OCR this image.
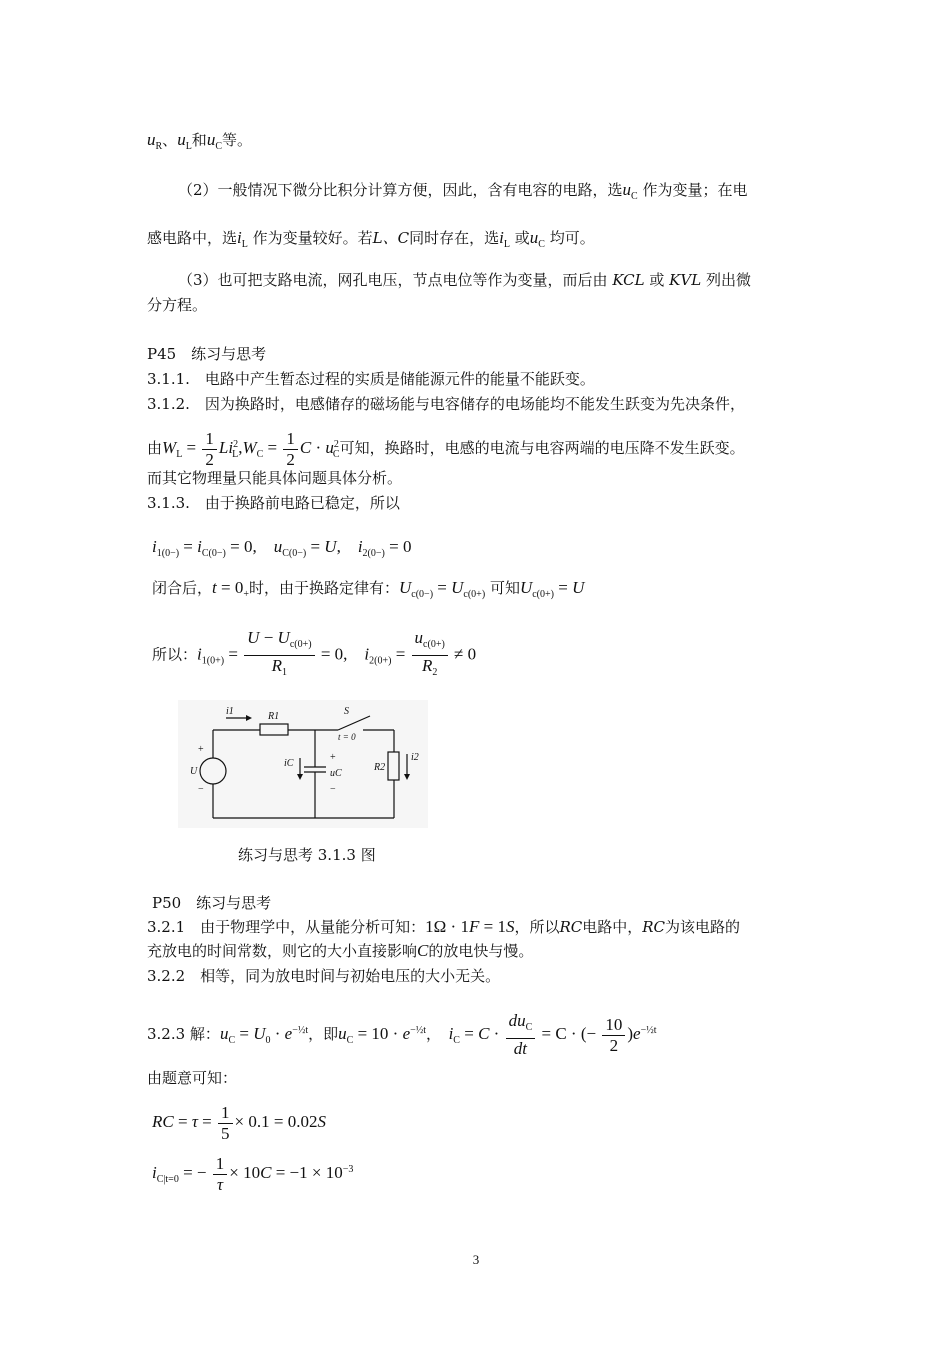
$u_R$、$u_L$和$u_C$等。
（2）一般情况下微分比积分计算方便，因此，含有电容的电路，选$u_C$ 作为变量；在电
感电路中，选$i_L$ 作为变量较好。若L、C同时存在，选$i_L$ 或$u_C$ 均可。
（3）也可把支路电流，网孔电压，节点电位等作为变量，而后由 KCL 或 KVL 列出微
分方程。
P45　练习与思考
3.1.1.　电路中产生暂态过程的实质是储能源元件的能量不能跃变。
3.1.2.　因为换路时，电感储存的磁场能与电容储存的电场能均不能发生跃变为先决条件，
由$W_L = \frac{1}{2} Li^2_L,W_C = \frac{1}{2}$ $C \cdot u^2_C$可知，换路时，电感的电流与电容两端的电压降不发生跃变。
而其它物理量只能具体问题具体分析。
3.1.3.　由于换路前电路已稳定，所以
$i_{1(0-)} = i_{C(0-)} = 0$,　$u_{C(0-)} = U$,　$i_{2(0-)} = 0$
闭合后，$t = 0_+$时，由于换路定律有：$U_{c(0-)} = U_{c(0+)}$ 可知$U_{c(0+)} = U$
所以：$i_{1(0+)} = \frac{U - U_{c(0+)}}{R_1} = 0$,　$i_{2(0+)} = \frac{u_{c(0+)}}{R_2} \ne 0$
i1	R1	S
t = 0
+
U
−
iC
+
uC
−
R2
i2
练习与思考 3.1.3 图
P50　练习与思考
3.2.1　由于物理学中，从量能分析可知：1Ω · 1F = 1S，所以RC电路中，RC为该电路的
充放电的时间常数，则它的大小直接影响C的放电快与慢。
3.2.2　相等，同为放电时间与初始电压的大小无关。
3.2.3 解：$u_C = U_0 \cdot e^{-\frac{1}{2}t}$，即$u_C = 10 \cdot e^{-\frac{1}{2}t}$，　 $i_C = C \cdot \frac{du_C}{dt} = C$ · (− $\frac{10}{2} )e^{-\frac{1}{2}t}$
由题意可知：
RC = $\tau = \frac{1}{5} \times 0.1 = 0.02S$
$i_{C|t=0}$ = − $\frac{1}{\tau} \times 10C = -1 \times 10^{-3}$
3
